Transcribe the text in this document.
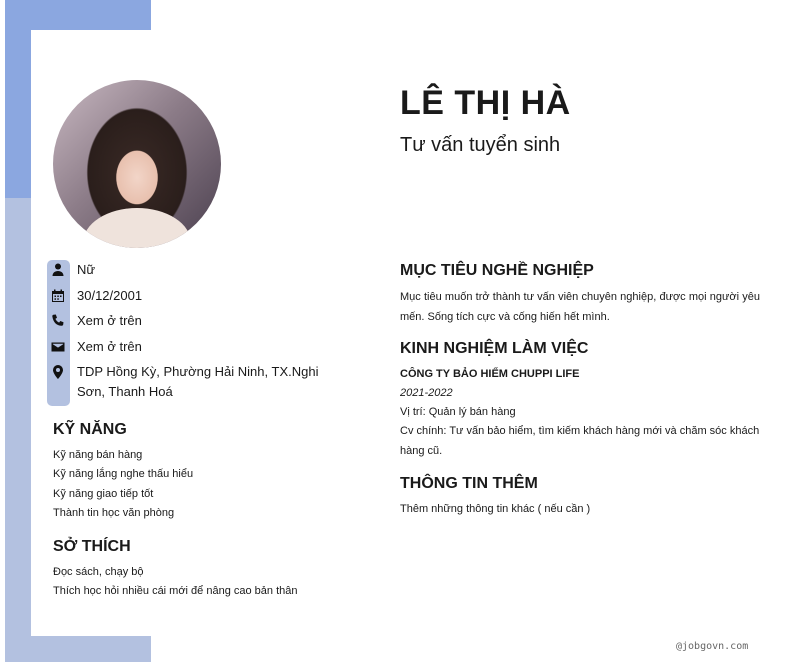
LÊ THỊ HÀ
Tư vấn tuyển sinh
Nữ
30/12/2001
Xem ở trên
Xem ở trên
TDP Hồng Kỳ, Phường Hải Ninh, TX.Nghi Sơn, Thanh Hoá
KỸ NĂNG

Kỹ năng bán hàng

Kỹ năng lắng nghe thấu hiểu

Kỹ năng giao tiếp tốt

Thành tin học văn phòng

SỞ THÍCH

Đọc sách, chạy bộ

Thích học hỏi nhiều cái mới để nâng cao bản thân

MỤC TIÊU NGHỀ NGHIỆP

Mục tiêu muốn trở thành tư vấn viên chuyên nghiệp, được mọi người yêu mến. Sống tích cực và cống hiến hết mình.

KINH NGHIỆM LÀM VIỆC

CÔNG TY BẢO HIỂM CHUPPI LIFE

2021-2022

Vị trí: Quản lý bán hàng

Cv chính: Tư vấn bảo hiểm, tìm kiếm khách hàng mới và chăm sóc khách hàng cũ.

THÔNG TIN THÊM

Thêm những thông tin khác ( nếu cần )

@jobgovn.com
